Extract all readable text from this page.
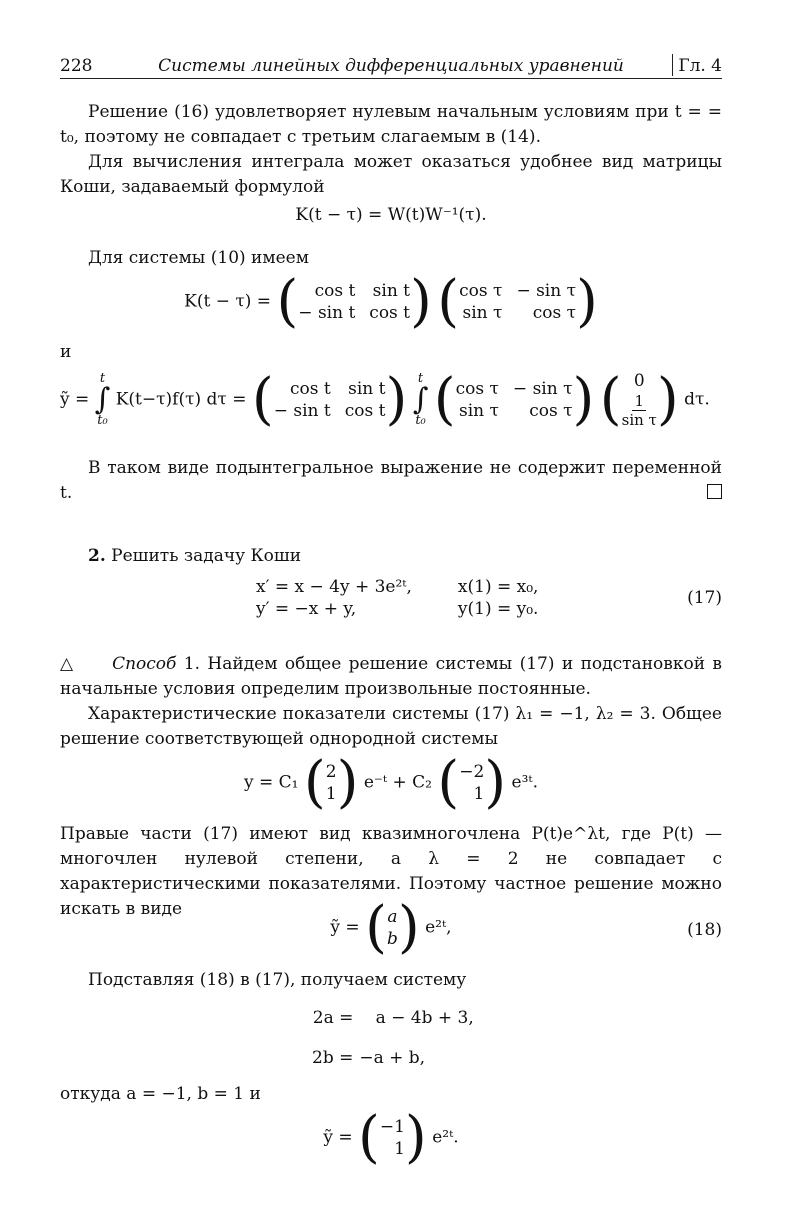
228	Системы линейных дифференциальных уравнений	Гл. 4

Решение (16) удовлетворяет нулевым начальным условиям при t = = t₀, поэтому не совпадает с третьим слагаемым в (14).

Для вычисления интеграла может оказаться удобнее вид матрицы Коши, задаваемый формулой

K(t − τ) = W(t)W⁻¹(τ).

Для системы (10) имеем

K(t − τ) = ( cos t sin t
− sin t cos t )
( cos τ − sin τ
sin τ	cos τ )

и

ỹ =
t
∫
t₀
K(t−τ)f(τ) dτ = ( cos t sin t
− sin t cos t )
t
∫
t₀
( cos τ − sin τ
sin τ	cos τ )
( 0
$\frac{1}{\text{sin τ}}$ ) dτ.

В таком виде подынтегральное выражение не содержит переменной t.

2. Решить задачу Коши

x′ = x − 4y + 3e²ᵗ,	x(1) = x₀,
y′ = −x + y,	y(1) = y₀.
(17)

△ Способ 1. Найдем общее решение системы (17) и подстановкой в начальные условия определим произвольные постоянные.

Характеристические показатели системы (17) λ₁ = −1, λ₂ = 3. Общее решение соответствующей однородной системы

y = C₁ ( 2
1 ) e⁻ᵗ + C₂ ( −2
1 ) e³ᵗ.

Правые части (17) имеют вид квазимногочлена P(t)e^λt, где P(t) — многочлен нулевой степени, а λ = 2 не совпадает с характеристическими показателями. Поэтому частное решение можно искать в виде

ỹ = ( a
b ) e²ᵗ,	(18)

Подставляя (18) в (17), получаем систему

2a = a − 4b + 3,
2b = −a + b,

откуда a = −1, b = 1 и

ỹ = ( −1
1 ) e²ᵗ.
